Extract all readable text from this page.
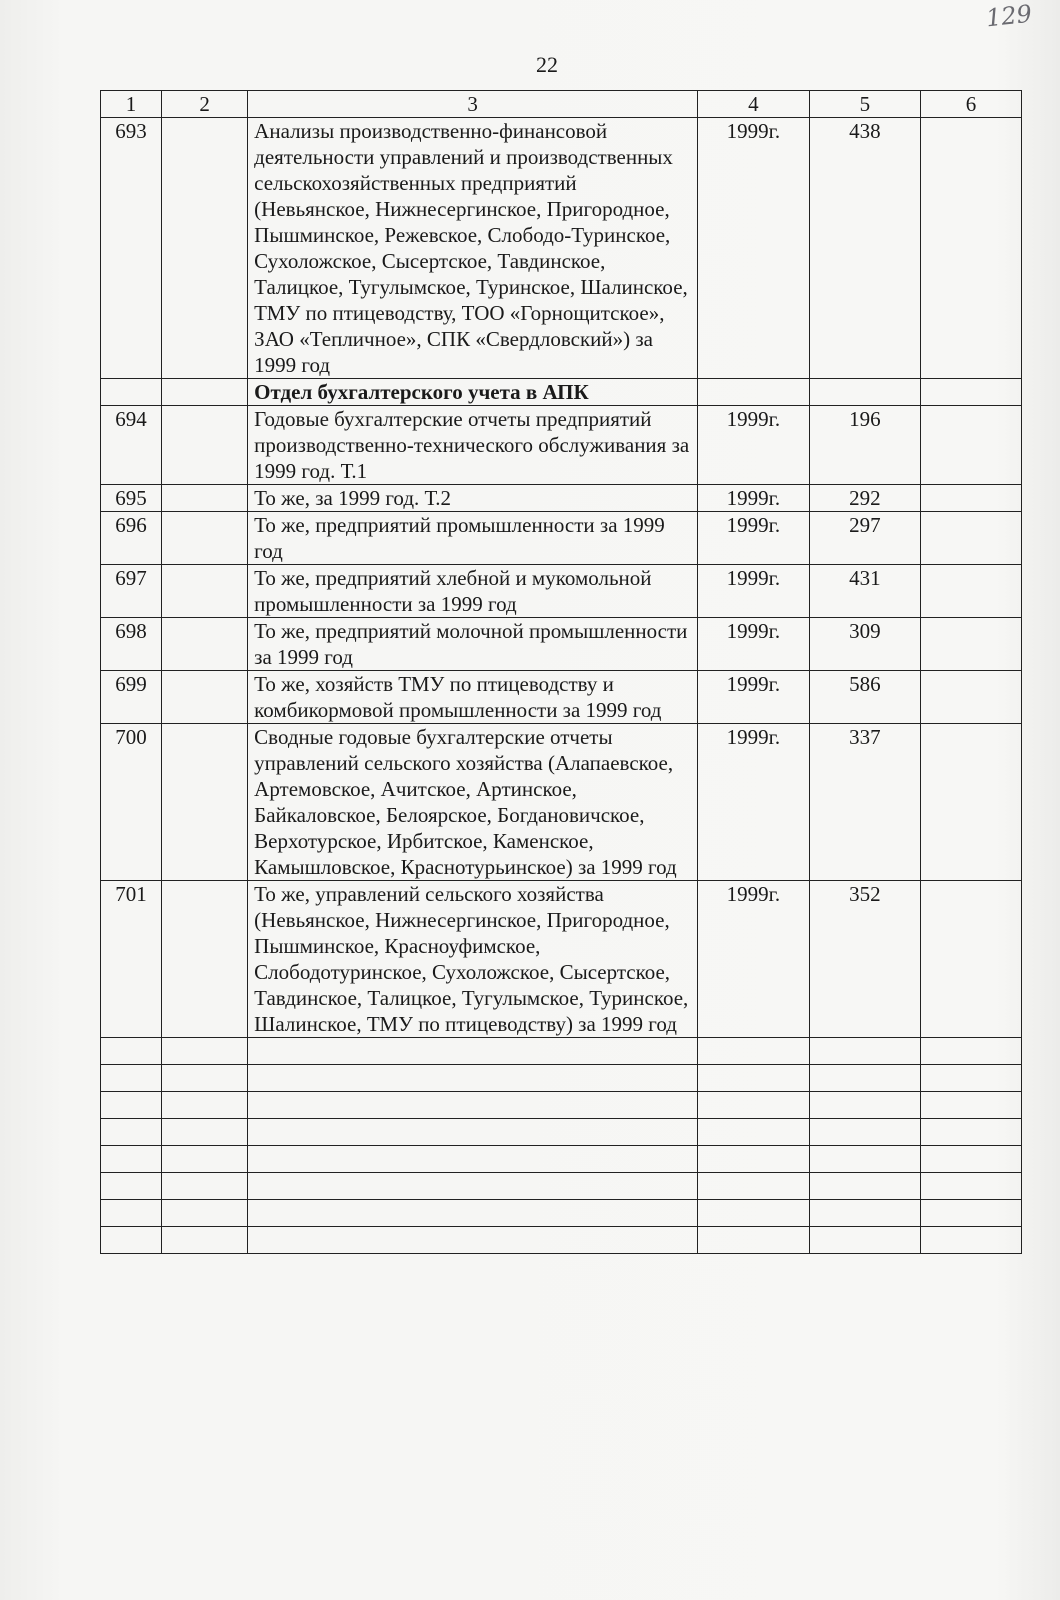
129
22
1	2	3	4	5	6
693		Анализы производственно-финансовой деятельности управлений и производственных сельскохозяйственных предприятий (Невьянское, Нижнесергинское, Пригородное, Пышминское, Режевское, Слободо-Туринское, Сухоложское, Сысертское, Тавдинское, Талицкое, Тугулымское, Туринское, Шалинское, ТМУ по птицеводству, ТОО «Горнощитское», ЗАО «Тепличное», СПК «Свердловский») за 1999 год	1999г.	438	
		Отдел бухгалтерского учета в АПК			
694		Годовые бухгалтерские отчеты предприятий производственно-технического обслуживания за 1999 год. Т.1	1999г.	196	
695		То же, за 1999 год. Т.2	1999г.	292	
696		То же, предприятий промышленности за 1999 год	1999г.	297	
697		То же, предприятий хлебной и мукомольной промышленности за 1999 год	1999г.	431	
698		То же, предприятий молочной промышленности за 1999 год	1999г.	309	
699		То же, хозяйств ТМУ по птицеводству и комбикормовой промышленности за 1999 год	1999г.	586	
700		Сводные годовые бухгалтерские отчеты управлений сельского хозяйства (Алапаевское, Артемовское, Ачитское, Артинское, Байкаловское, Белоярское, Богдановичское, Верхотурское, Ирбитское, Каменское, Камышловское, Краснотурьинское) за 1999 год	1999г.	337	
701		То же, управлений сельского хозяйства (Невьянское, Нижнесергинское, Пригородное, Пышминское, Красноуфимское, Слободотуринское, Сухоложское, Сысертское, Тавдинское, Талицкое, Тугулымское, Туринское, Шалинское, ТМУ по птицеводству) за 1999 год	1999г.	352	
